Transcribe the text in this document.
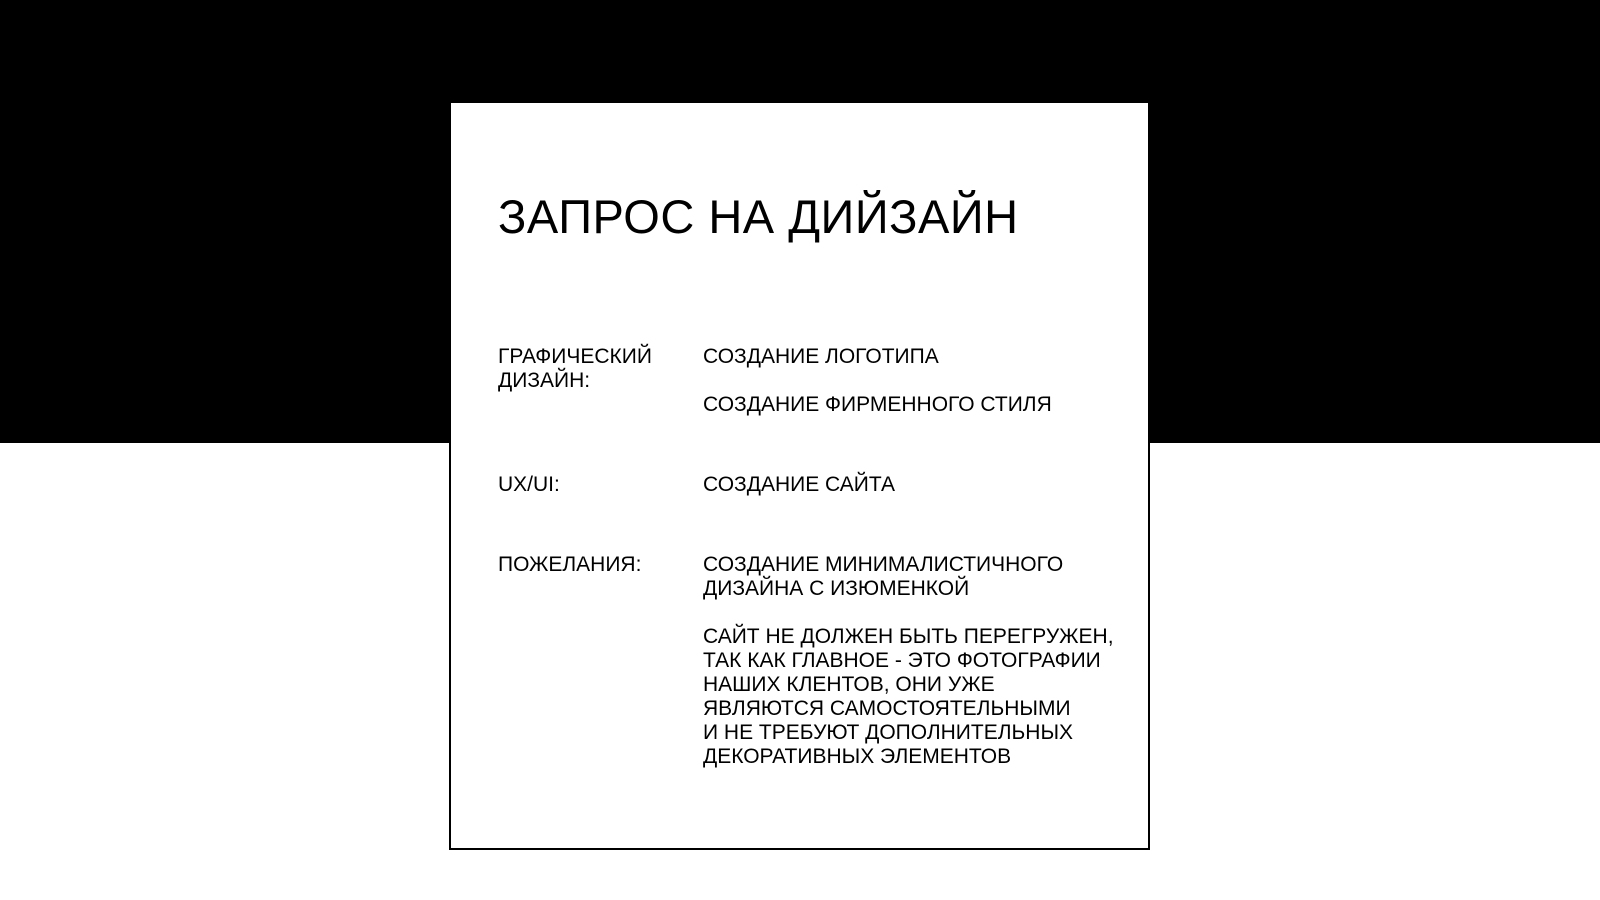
ЗАПРОС НА ДИЙЗАЙН
ГРАФИЧЕСКИЙ
ДИЗАЙН:
СОЗДАНИЕ ЛОГОТИПА
СОЗДАНИЕ ФИРМЕННОГО СТИЛЯ
UX/UI:	СОЗДАНИЕ САЙТА
ПОЖЕЛАНИЯ:	СОЗДАНИЕ МИНИМАЛИСТИЧНОГО
ДИЗАЙНА С ИЗЮМЕНКОЙ
САЙТ НЕ ДОЛЖЕН БЫТЬ ПЕРЕГРУЖЕН,
ТАК КАК ГЛАВНОЕ - ЭТО ФОТОГРАФИИ
НАШИХ КЛЕНТОВ, ОНИ УЖЕ
ЯВЛЯЮТСЯ САМОСТОЯТЕЛЬНЫМИ
И НЕ ТРЕБУЮТ ДОПОЛНИТЕЛЬНЫХ
ДЕКОРАТИВНЫХ ЭЛЕМЕНТОВ
